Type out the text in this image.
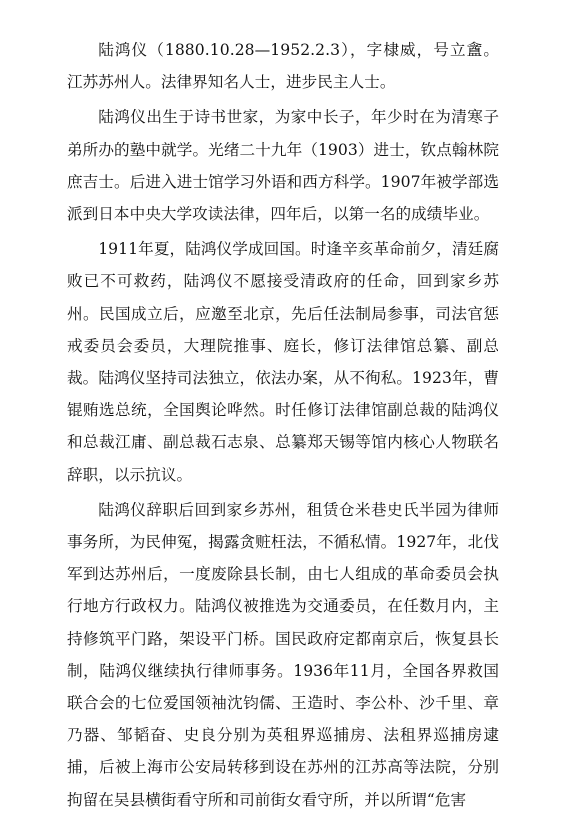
陆鸿仪（1880.10.28—1952.2.3），字棣威，号立盦。江苏苏州人。法律界知名人士，进步民主人士。

陆鸿仪出生于诗书世家，为家中长子，年少时在为清寒子弟所办的塾中就学。光绪二十九年（1903）进士，钦点翰林院庶吉士。后进入进士馆学习外语和西方科学。1907年被学部选派到日本中央大学攻读法律，四年后，以第一名的成绩毕业。

1911年夏，陆鸿仪学成回国。时逢辛亥革命前夕，清廷腐败已不可救药，陆鸿仪不愿接受清政府的任命，回到家乡苏州。民国成立后，应邀至北京，先后任法制局参事，司法官惩戒委员会委员，大理院推事、庭长，修订法律馆总纂、副总裁。陆鸿仪坚持司法独立，依法办案，从不徇私。1923年，曹锟贿选总统，全国舆论哗然。时任修订法律馆副总裁的陆鸿仪和总裁江庸、副总裁石志泉、总纂郑天锡等馆内核心人物联名辞职，以示抗议。

陆鸿仪辞职后回到家乡苏州，租赁仓米巷史氏半园为律师事务所，为民伸冤，揭露贪赃枉法，不循私情。1927年，北伐军到达苏州后，一度废除县长制，由七人组成的革命委员会执行地方行政权力。陆鸿仪被推选为交通委员，在任数月内，主持修筑平门路，架设平门桥。国民政府定都南京后，恢复县长制，陆鸿仪继续执行律师事务。1936年11月，全国各界救国联合会的七位爱国领袖沈钧儒、王造时、李公朴、沙千里、章乃器、邹韬奋、史良分别为英租界巡捕房、法租界巡捕房逮捕，后被上海市公安局转移到设在苏州的江苏高等法院，分别拘留在吴县横街看守所和司前街女看守所，并以所谓“危害
